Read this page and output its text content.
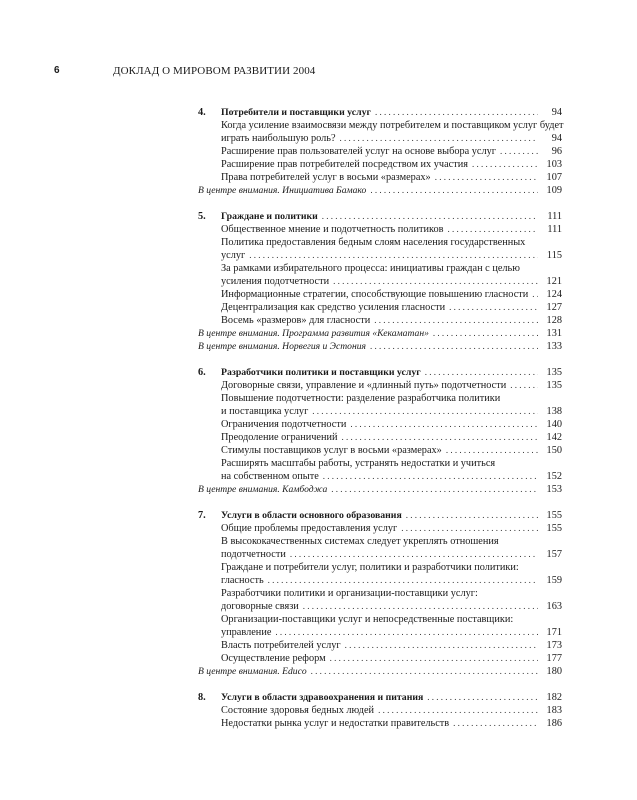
6	ДОКЛАД О МИРОВОМ РАЗВИТИИ 2004
4.	Потребители и поставщики услуг . . .	94
Когда усиление взаимосвязи между потребителем и поставщиком услуг будет
играть наибольшую роль? . . .	94
Расширение прав пользователей услуг на основе выбора услуг . . .	96
Расширение прав потребителей посредством их участия . . .	103
Права потребителей услуг в восьми «размерах» . . .	107
В центре внимания. Инициатива Бамако . . .	109
5.	Граждане и политики . . .	111
Общественное мнение и подотчетность политиков . . .	111
Политика предоставления бедным слоям населения государственных
услуг . . .	115
За рамками избирательного процесса: инициативы граждан с целью
усиления подотчетности . . .	121
Информационные стратегии, способствующие повышению гласности . . .	124
Децентрализация как средство усиления гласности . . .	127
Восемь «размеров» для гласности . . .	128
В центре внимания. Программа развития «Кекаматан» . . .	131
В центре внимания. Норвегия и Эстония . . .	133
6.	Разработчики политики и поставщики услуг . . .	135
Договорные связи, управление и «длинный путь» подотчетности . . .	135
Повышение подотчетности: разделение разработчика политики
и поставщика услуг . . .	138
Ограничения подотчетности . . .	140
Преодоление ограничений . . .	142
Стимулы поставщиков услуг в восьми «размерах» . . .	150
Расширять масштабы работы, устранять недостатки и учиться
на собственном опыте . . .	152
В центре внимания. Камбоджа . . .	153
7.	Услуги в области основного образования . . .	155
Общие проблемы предоставления услуг . . .	155
В высококачественных системах следует укреплять отношения
подотчетности . . .	157
Граждане и потребители услуг, политики и разработчики политики:
гласность . . .	159
Разработчики политики и организации-поставщики услуг:
договорные связи . . .	163
Организации-поставщики услуг и непосредственные поставщики:
управление . . .	171
Власть потребителей услуг . . .	173
Осуществление реформ . . .	177
В центре внимания. Educo . . .	180
8.	Услуги в области здравоохранения и питания . . .	182
Состояние здоровья бедных людей . . .	183
Недостатки рынка услуг и недостатки правительств . . .	186
